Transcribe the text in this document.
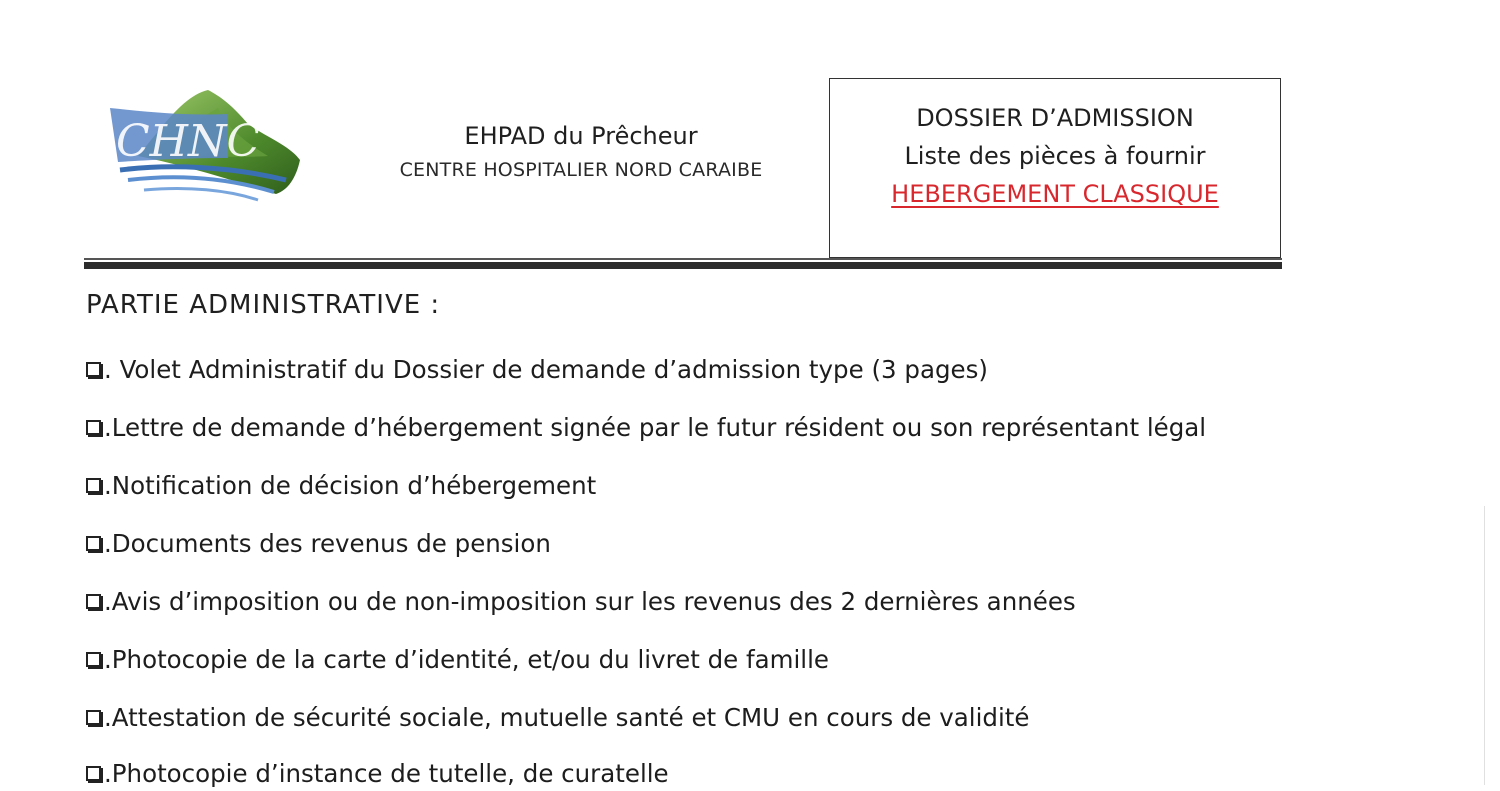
CHNC	EHPAD du Prêcheur
CENTRE HOSPITALIER NORD CARAIBE
DOSSIER D’ADMISSION
Liste des pièces à fournir
HEBERGEMENT CLASSIQUE
PARTIE ADMINISTRATIVE :
. Volet Administratif du Dossier de demande d’admission type (3 pages)
.Lettre de demande d’hébergement signée par le futur résident ou son représentant légal
.Notification de décision d’hébergement
.Documents des revenus de pension
.Avis d’imposition ou de non-imposition sur les revenus des 2 dernières années
.Photocopie de la carte d’identité, et/ou du livret de famille
.Attestation de sécurité sociale, mutuelle santé et CMU en cours de validité
.Photocopie d’instance de tutelle, de curatelle
